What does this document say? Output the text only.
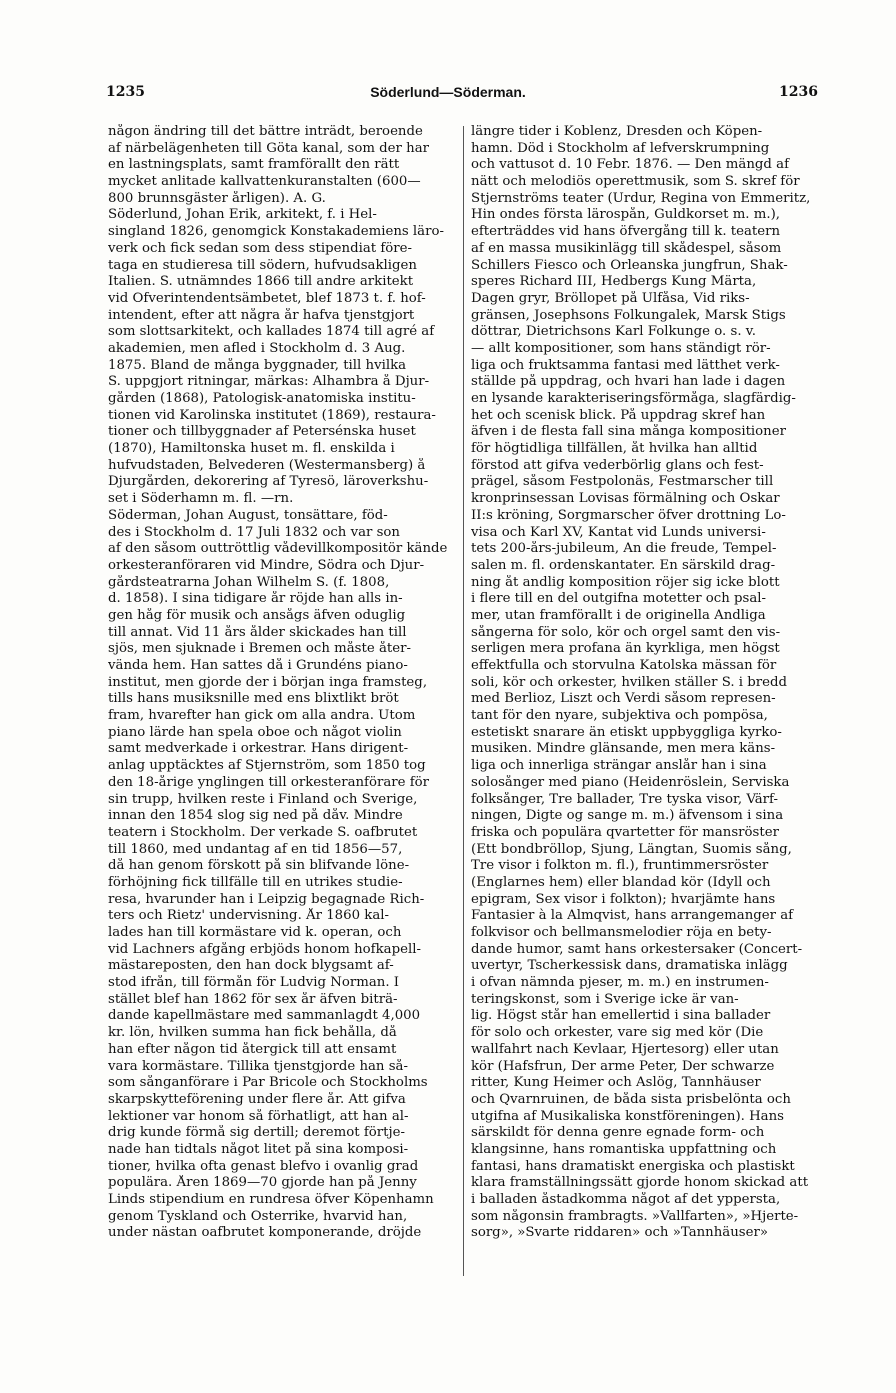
1235	Söderlund—Söderman.	1236
någon ändring till det bättre inträdt, beroende
af närbelägenheten till Göta kanal, som der har
en lastningsplats, samt framförallt den rätt
mycket anlitade kallvattenkuranstalten (600—
800 brunnsgäster årligen). A. G.
Söderlund, Johan Erik, arkitekt, f. i Hel-
singland 1826, genomgick Konstakademiens läro-
verk och fick sedan som dess stipendiat före-
taga en studieresa till södern, hufvudsakligen
Italien. S. utnämndes 1866 till andre arkitekt
vid Öfverintendentsämbetet, blef 1873 t. f. hof-
intendent, efter att några år hafva tjenstgjort
som slottsarkitekt, och kallades 1874 till agré af
akademien, men afled i Stockholm d. 3 Aug.
1875. Bland de många byggnader, till hvilka
S. uppgjort ritningar, märkas: Alhambra å Djur-
gården (1868), Patologisk-anatomiska institu-
tionen vid Karolinska institutet (1869), restaura-
tioner och tillbyggnader af Petersénska huset
(1870), Hamiltonska huset m. fl. enskilda i
hufvudstaden, Belvederen (Westermansberg) å
Djurgården, dekorering af Tyresö, läroverkshu-
set i Söderhamn m. fl. —rn.
Söderman, Johan August, tonsättare, föd-
des i Stockholm d. 17 Juli 1832 och var son
af den såsom outtröttlig vådevillkompositör kände
orkesteranföraren vid Mindre, Södra och Djur-
gårdsteatrarna Johan Wilhelm S. (f. 1808,
d. 1858). I sina tidigare år röjde han alls in-
gen håg för musik och ansågs äfven oduglig
till annat. Vid 11 års ålder skickades han till
sjös, men sjuknade i Bremen och måste åter-
vända hem. Han sattes då i Grundéns piano-
institut, men gjorde der i början inga framsteg,
tills hans musiksnille med ens blixtlikt bröt
fram, hvarefter han gick om alla andra. Utom
piano lärde han spela oboe och något violin
samt medverkade i orkestrar. Hans dirigent-
anlag upptäcktes af Stjernström, som 1850 tog
den 18-årige ynglingen till orkesteranförare för
sin trupp, hvilken reste i Finland och Sverige,
innan den 1854 slog sig ned på dåv. Mindre
teatern i Stockholm. Der verkade S. oafbrutet
till 1860, med undantag af en tid 1856—57,
då han genom förskott på sin blifvande löne-
förhöjning fick tillfälle till en utrikes studie-
resa, hvarunder han i Leipzig begagnade Rich-
ters och Rietz' undervisning. År 1860 kal-
lades han till kormästare vid k. operan, och
vid Lachners afgång erbjöds honom hofkapell-
mästareposten, den han dock blygsamt af-
stod ifrån, till förmån för Ludvig Norman. I
stället blef han 1862 för sex år äfven biträ-
dande kapellmästare med sammanlagdt 4,000
kr. lön, hvilken summa han fick behålla, då
han efter någon tid återgick till att ensamt
vara kormästare. Tillika tjenstgjorde han så-
som sånganförare i Par Bricole och Stockholms
skarpskytteförening under flere år. Att gifva
lektioner var honom så förhatligt, att han al-
drig kunde förmå sig dertill; deremot förtje-
nade han tidtals något litet på sina komposi-
tioner, hvilka ofta genast blefvo i ovanlig grad
populära. Åren 1869—70 gjorde han på Jenny
Linds stipendium en rundresa öfver Köpenhamn
genom Tyskland och Österrike, hvarvid han,
under nästan oafbrutet komponerande, dröjde
längre tider i Koblenz, Dresden och Köpen-
hamn. Död i Stockholm af lefverskrumpning
och vattusot d. 10 Febr. 1876. — Den mängd af
nätt och melodiös operettmusik, som S. skref för
Stjernströms teater (Urdur, Regina von Emmeritz,
Hin ondes första lärospån, Guldkorset m. m.),
efterträddes vid hans öfvergång till k. teatern
af en massa musikinlägg till skådespel, såsom
Schillers Fiesco och Orleanska jungfrun, Shak-
speres Richard III, Hedbergs Kung Märta,
Dagen gryr, Bröllopet på Ulfåsa, Vid riks-
gränsen, Josephsons Folkungalek, Marsk Stigs
döttrar, Dietrichsons Karl Folkunge o. s. v.
— allt kompositioner, som hans ständigt rör-
liga och fruktsamma fantasi med lätthet verk-
ställde på uppdrag, och hvari han lade i dagen
en lysande karakteriseringsförmåga, slagfärdig-
het och scenisk blick. På uppdrag skref han
äfven i de flesta fall sina många kompositioner
för högtidliga tillfällen, åt hvilka han alltid
förstod att gifva vederbörlig glans och fest-
prägel, såsom Festpolonäs, Festmarscher till
kronprinsessan Lovisas förmälning och Oskar
II:s kröning, Sorgmarscher öfver drottning Lo-
visa och Karl XV, Kantat vid Lunds universi-
tets 200-års-jubileum, An die freude, Tempel-
salen m. fl. ordenskantater. En särskild drag-
ning åt andlig komposition röjer sig icke blott
i flere till en del outgifna motetter och psal-
mer, utan framförallt i de originella Andliga
sångerna för solo, kör och orgel samt den vis-
serligen mera profana än kyrkliga, men högst
effektfulla och storvulna Katolska mässan för
soli, kör och orkester, hvilken ställer S. i bredd
med Berlioz, Liszt och Verdi såsom represen-
tant för den nyare, subjektiva och pompösa,
estetiskt snarare än etiskt uppbyggliga kyrko-
musiken. Mindre glänsande, men mera käns-
liga och innerliga strängar anslår han i sina
solosånger med piano (Heidenröslein, Serviska
folksånger, Tre ballader, Tre tyska visor, Värf-
ningen, Digte og sange m. m.) äfvensom i sina
friska och populära qvartetter för mansröster
(Ett bondbröllop, Sjung, Längtan, Suomis sång,
Tre visor i folkton m. fl.), fruntimmersröster
(Englarnes hem) eller blandad kör (Idyll och
epigram, Sex visor i folkton); hvarjämte hans
Fantasier à la Almqvist, hans arrangemanger af
folkvisor och bellmansmelodier röja en bety-
dande humor, samt hans orkestersaker (Concert-
uvertyr, Tscherkessisk dans, dramatiska inlägg
i ofvan nämnda pjeser, m. m.) en instrumen-
teringskonst, som i Sverige icke är van-
lig. Högst står han emellertid i sina ballader
för solo och orkester, vare sig med kör (Die
wallfahrt nach Kevlaar, Hjertesorg) eller utan
kör (Hafsfrun, Der arme Peter, Der schwarze
ritter, Kung Heimer och Aslög, Tannhäuser
och Qvarnruinen, de båda sista prisbelönta och
utgifna af Musikaliska konstföreningen). Hans
särskildt för denna genre egnade form- och
klangsinne, hans romantiska uppfattning och
fantasi, hans dramatiskt energiska och plastiskt
klara framställningssätt gjorde honom skickad att
i balladen åstadkomma något af det yppersta,
som någonsin frambragts. »Vallfarten», »Hjerte-
sorg», »Svarte riddaren» och »Tannhäuser»
